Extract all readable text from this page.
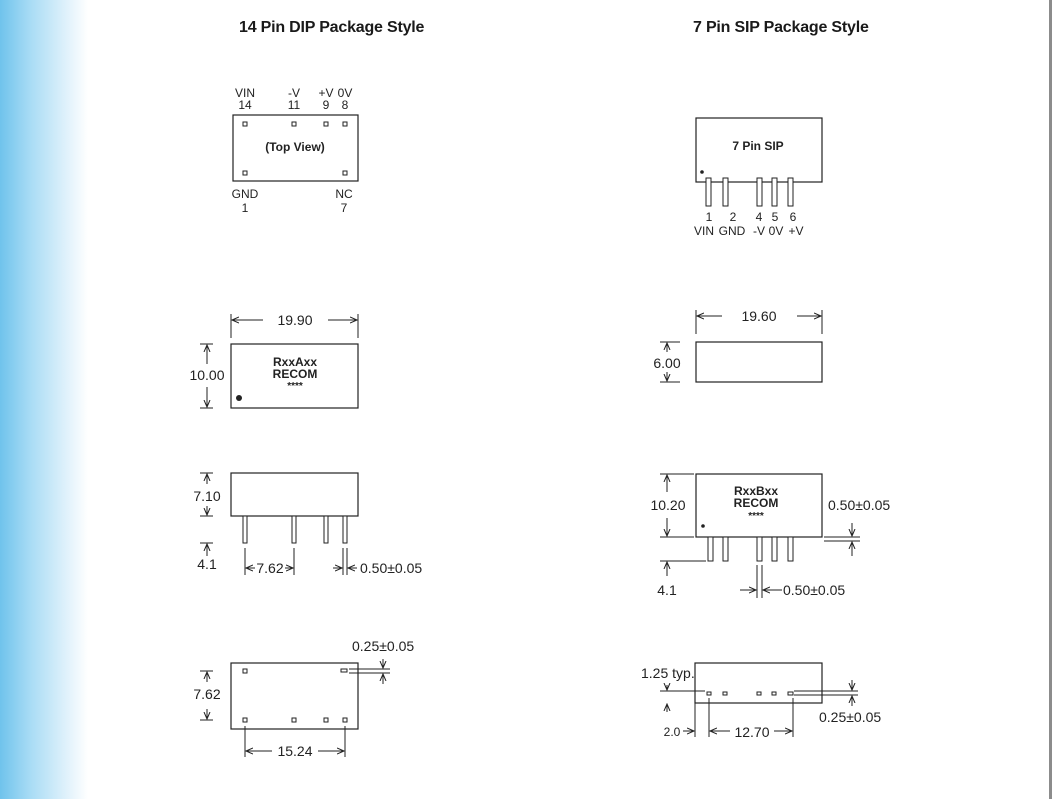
14 Pin DIP Package Style	7 Pin SIP Package Style
VIN
14
-V
11
+V
9
0V
8
(Top View)
GND
1
NC
7
19.90
RxxAxx
RECOM
****
10.00
7.10
4.1	7.62	0.50±0.05
0.25±0.05
7.62
15.24
7 Pin SIP
1
VIN
2
GND
4
-V
5
0V
6
+V
19.60
6.00
RxxBxx
RECOM
****
10.20
4.1	0.50±0.05
0.50±0.05
1.25 typ.
0.25±0.05
2.0	12.70
